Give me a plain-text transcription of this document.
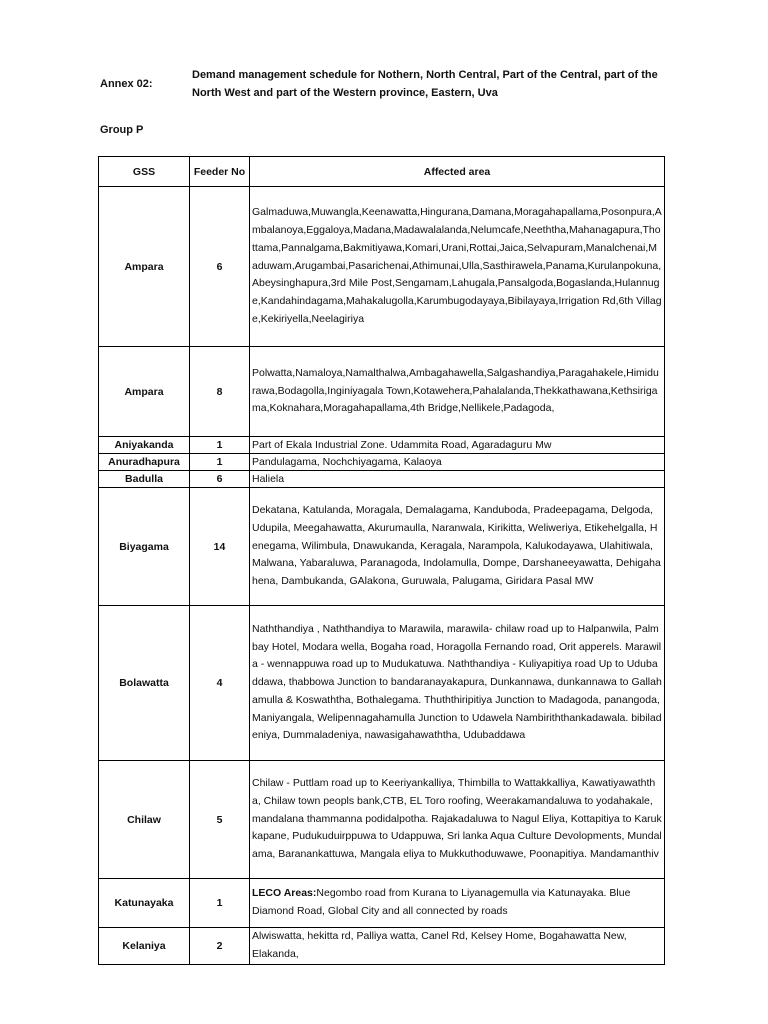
Annex 02:
Demand management schedule for Nothern, North Central, Part of the Central, part of the North West and part of the Western province, Eastern, Uva
Group P
GSS	Feeder No	Affected area
Ampara	6	Galmaduwa,Muwangla,Keenawatta,Hingurana,Damana,Moragahapallama,Posonpura,Ambalanoya,Eggaloya,Madana,Madawalalanda,Nelumcafe,Neeththa,Mahanagapura,Thottama,Pannalgama,Bakmitiyawa,Komari,Urani,Rottai,Jaica,Selvapuram,Manalchenai,Maduwam,Arugambai,Pasarichenai,Athimunai,Ulla,Sasthirawela,Panama,Kurulanpokuna,Abeysinghapura,3rd Mile Post,Sengamam,Lahugala,Pansalgoda,Bogaslanda,Hulannuge,Kandahindagama,Mahakalugolla,Karumbugodayaya,Bibilayaya,Irrigation Rd,6th Village,Kekiriyella,Neelagiriya
Ampara	8	Polwatta,Namaloya,Namalthalwa,Ambagahawella,Salgashandiya,Paragahakele,Himidurawa,Bodagolla,Inginiyagala Town,Kotawehera,Pahalalanda,Thekkathawana,Kethsirigama,Koknahara,Moragahapallama,4th Bridge,Nellikele,Padagoda,
Aniyakanda	1	Part of Ekala Industrial Zone. Udammita Road, Agaradaguru Mw
Anuradhapura	1	Pandulagama, Nochchiyagama, Kalaoya
Badulla	6	Haliela
Biyagama	14	Dekatana, Katulanda, Moragala, Demalagama, Kanduboda, Pradeepagama, Delgoda, Udupila, Meegahawatta, Akurumaulla, Naranwala, Kirikitta, Weliweriya, Etikehelgalla, Henegama, Wilimbula, Dnawukanda, Keragala, Narampola, Kalukodayawa, Ulahitiwala, Malwana, Yabaraluwa, Paranagoda, Indolamulla, Dompe, Darshaneeyawatta, Dehigahahena, Dambukanda, GAlakona, Guruwala, Palugama, Giridara Pasal MW
Bolawatta	4	Naththandiya , Naththandiya to Marawila, marawila- chilaw road up to Halpanwila, Palm bay Hotel, Modara wella, Bogaha road, Horagolla Fernando road, Orit apperels. Marawila - wennappuwa road up to Mudukatuwa. Naththandiya - Kuliyapitiya road Up to Udubaddawa, thabbowa Junction to bandaranayakapura, Dunkannawa, dunkannawa to Gallahamulla & Koswaththa, Bothalegama. Thuththiripitiya Junction to Madagoda, panangoda, Maniyangala, Welipennagahamulla Junction to Udawela Nambiriththankadawala. bibiladeniya, Dummaladeniya, nawasigahawaththa, Udubaddawa
Chilaw	5	Chilaw - Puttlam road up to Keeriyankalliya, Thimbilla to Wattakkalliya, Kawatiyawaththa, Chilaw town peopls bank,CTB, EL Toro roofing, Weerakamandaluwa to yodahakale, mandalana thammanna podidalpotha. Rajakadaluwa to Nagul Eliya, Kottapitiya to Karukkapane, Pudukuduirppuwa to Udappuwa, Sri lanka Aqua Culture Devolopments, Mundalama, Baranankattuwa, Mangala eliya to Mukkuthoduwawe, Poonapitiya. Mandamanthiv
Katunayaka	1	LECO Areas:Negombo road from Kurana to Liyanagemulla via Katunayaka. Blue Diamond Road, Global City and all connected by roads
Kelaniya	2	Alwiswatta, hekitta rd, Palliya watta, Canel Rd, Kelsey Home, Bogahawatta New, Elakanda,
